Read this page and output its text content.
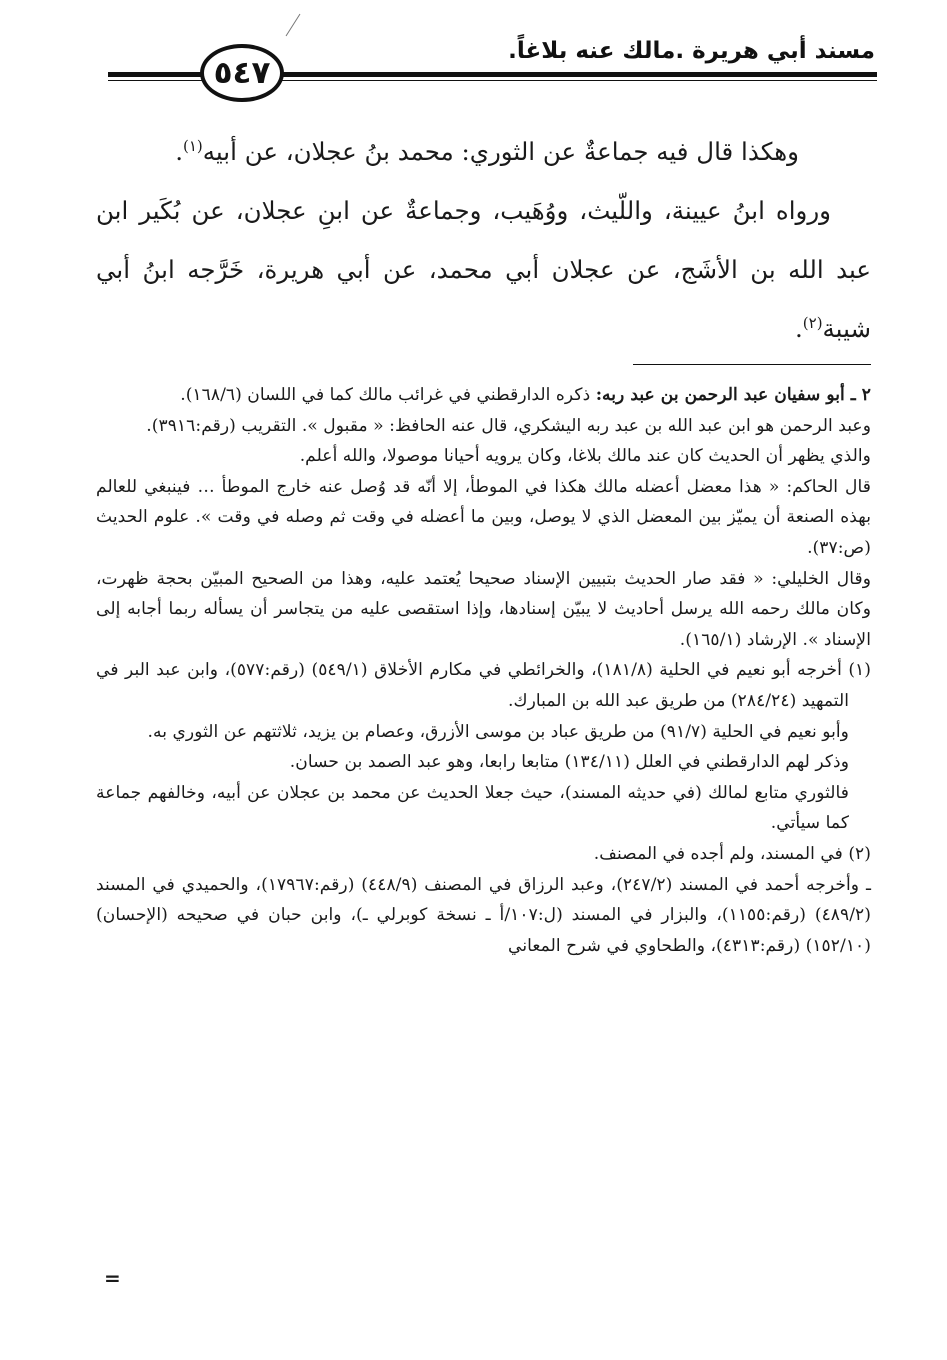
مسند أبي هريرة .مالك عنه بلاغاً.
٥٤٧

وهكذا قال فيه جماعةٌ عن الثوري: محمد بنُ عجلان، عن أبيه$^{(١)}$.

ورواه ابنُ عيينة، واللّيث، ووُهَيب، وجماعةٌ عن ابنِ عجلان، عن بُكَير ابن عبد الله بن الأشَج، عن عجلان أبي محمد، عن أبي هريرة، خَرَّجه ابنُ أبي شيبة$^{(٢)}$.

٢ ـ أبو سفيان عبد الرحمن بن عبد ربه: ذكره الدارقطني في غرائب مالك كما في اللسان (١٦٨/٦).

وعبد الرحمن هو ابن عبد الله بن عبد ربه اليشكري، قال عنه الحافظ: « مقبول ». التقريب (رقم:٣٩١٦).

والذي يظهر أن الحديث كان عند مالك بلاغا، وكان يرويه أحيانا موصولا، والله أعلم.

قال الحاكم: « هذا معضل أعضله مالك هكذا في الموطأ، إلا أنّه قد وُصل عنه خارج الموطأ … فينبغي للعالم بهذه الصنعة أن يميّز بين المعضل الذي لا يوصل، وبين ما أعضله في وقت ثم وصله في وقت ». علوم الحديث (ص:٣٧).

وقال الخليلي: « فقد صار الحديث بتبيين الإسناد صحيحا يُعتمد عليه، وهذا من الصحيح المبيّن بحجة ظهرت، وكان مالك رحمه الله يرسل أحاديث لا يبيّن إسنادها، وإذا استقصى عليه من يتجاسر أن يسأله ربما أجابه إلى الإسناد ». الإرشاد (١٦٥/١).

(١) أخرجه أبو نعيم في الحلية (١٨١/٨)، والخرائطي في مكارم الأخلاق (٥٤٩/١) (رقم:٥٧٧)، وابن عبد البر في التمهيد (٢٨٤/٢٤) من طريق عبد الله بن المبارك.

وأبو نعيم في الحلية (٩١/٧) من طريق عباد بن موسى الأزرق، وعصام بن يزيد، ثلاثتهم عن الثوري به.

وذكر لهم الدارقطني في العلل (١٣٤/١١) متابعا رابعا، وهو عبد الصمد بن حسان.

فالثوري متابع لمالك (في حديثه المسند)، حيث جعلا الحديث عن محمد بن عجلان عن أبيه، وخالفهم جماعة كما سيأتي.

(٢) في المسند، ولم أجده في المصنف.

ـ وأخرجه أحمد في المسند (٢٤٧/٢)، وعبد الرزاق في المصنف (٤٤٨/٩) (رقم:١٧٩٦٧)، والحميدي في المسند (٤٨٩/٢) (رقم:١١٥٥)، والبزار في المسند (ل:١٠٧/أ ـ نسخة كوبرلي ـ)، وابن حبان في صحيحه (الإحسان) (١٥٢/١٠) (رقم:٤٣١٣)، والطحاوي في شرح المعاني

=
